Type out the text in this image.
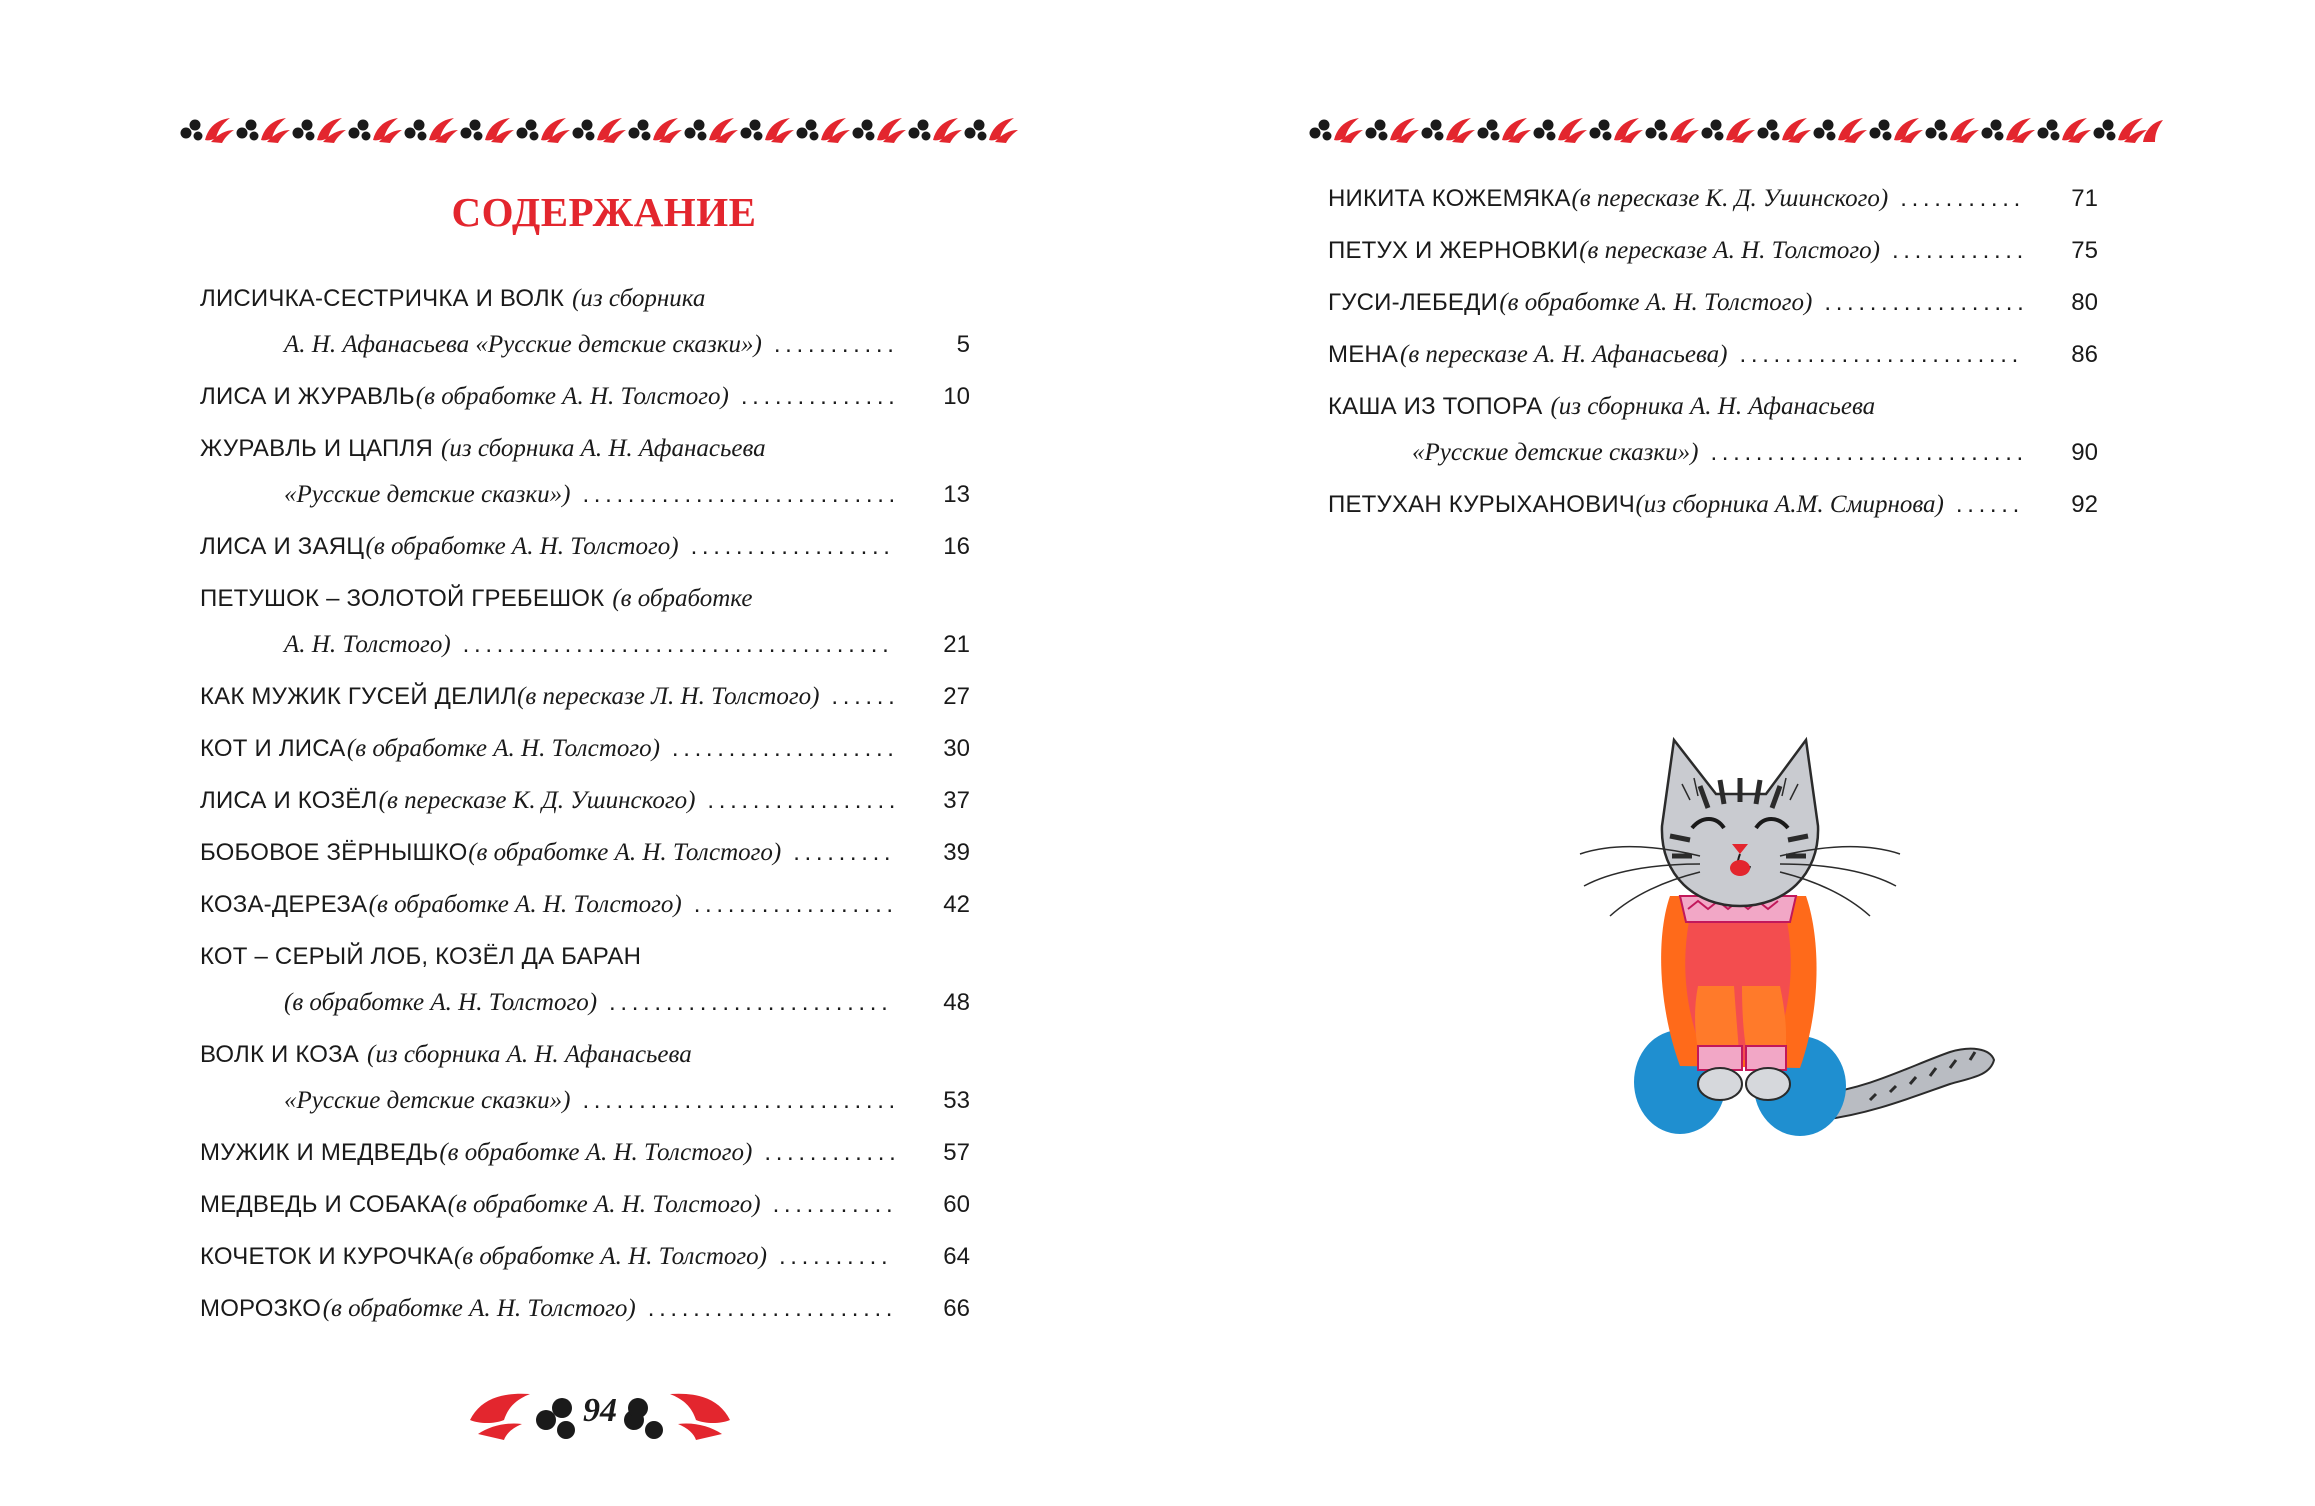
СОДЕРЖАНИЕ
ЛИСИЧКА-СЕСТРИЧКА И ВОЛК (из сборника
А. Н. Афанасьева «Русские детские сказки») . . .	5
ЛИСА И ЖУРАВЛЬ (в обработке А. Н. Толстого) . . .	10
ЖУРАВЛЬ И ЦАПЛЯ (из сборника А. Н. Афанасьева
«Русские детские сказки») . . .	13
ЛИСА И ЗАЯЦ (в обработке А. Н. Толстого) . . .	16
ПЕТУШОК – ЗОЛОТОЙ ГРЕБЕШОК (в обработке
А. Н. Толстого) . . .	21
КАК МУЖИК ГУСЕЙ ДЕЛИЛ (в пересказе Л. Н. Толстого) . . .	27
КОТ И ЛИСА (в обработке А. Н. Толстого) . . .	30
ЛИСА И КОЗЁЛ (в пересказе К. Д. Ушинского) . . .	37
БОБОВОЕ ЗЁРНЫШКО (в обработке А. Н. Толстого) . . .	39
КОЗА-ДЕРЕЗА (в обработке А. Н. Толстого) . . .	42
КОТ – СЕРЫЙ ЛОБ, КОЗЁЛ ДА БАРАН
(в обработке А. Н. Толстого) . . .	48
ВОЛК И КОЗА (из сборника А. Н. Афанасьева
«Русские детские сказки») . . .	53
МУЖИК И МЕДВЕДЬ (в обработке А. Н. Толстого) . . .	57
МЕДВЕДЬ И СОБАКА (в обработке А. Н. Толстого) . . .	60
КОЧЕТОК И КУРОЧКА (в обработке А. Н. Толстого) . . .	64
МОРОЗКО (в обработке А. Н. Толстого) . . .	66
94
НИКИТА КОЖЕМЯКА (в пересказе К. Д. Ушинского) . . .	71
ПЕТУХ И ЖЕРНОВКИ (в пересказе А. Н. Толстого) . . .	75
ГУСИ-ЛЕБЕДИ (в обработке А. Н. Толстого) . . .	80
МЕНА (в пересказе А. Н. Афанасьева) . . .	86
КАША ИЗ ТОПОРА (из сборника А. Н. Афанасьева
«Русские детские сказки») . . .	90
ПЕТУХАН КУРЫХАНОВИЧ (из сборника А.М. Смирнова) . . .	92
